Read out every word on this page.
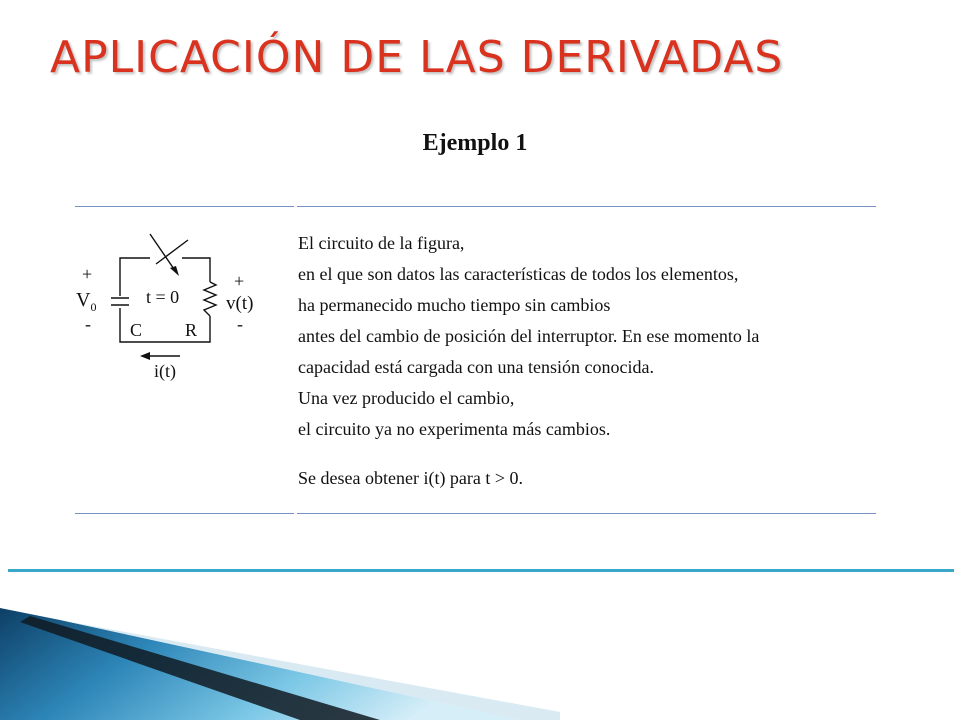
APLICACIÓN DE LAS DERIVADAS
Ejemplo 1
+
$V_0$
-
t = 0
+
v(t)
-
C R
i(t)
El circuito de la figura,
en el que son datos las características de todos los elementos,
ha permanecido mucho tiempo sin cambios
antes del cambio de posición del interruptor. En ese momento la
capacidad está cargada con una tensión conocida.
Una vez producido el cambio,
el circuito ya no experimenta más cambios.
Se desea obtener i(t) para t > 0.
